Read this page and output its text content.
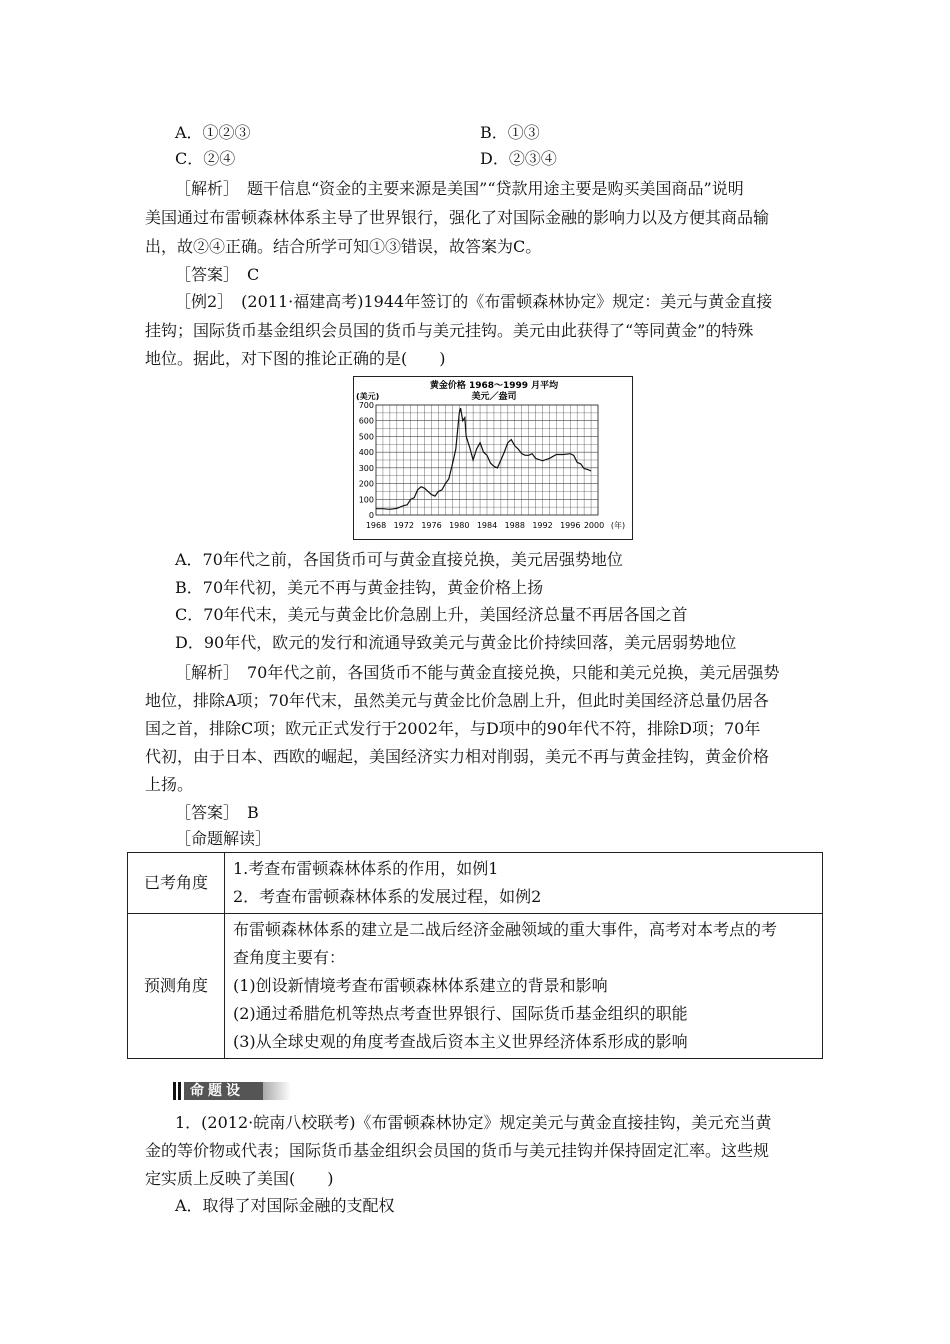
A．①②③	B．①③
C．②④	D．②③④
［解析］　题干信息“资金的主要来源是美国”“贷款用途主要是购买美国商品”说明
美国通过布雷顿森林体系主导了世界银行，强化了对国际金融的影响力以及方便其商品输
出，故②④正确。结合所学可知①③错误，故答案为C。
［答案］　C
［例2］　(2011·福建高考)1944年签订的《布雷顿森林协定》规定：美元与黄金直接
挂钩；国际货币基金组织会员国的货币与美元挂钩。美元由此获得了“等同黄金”的特殊
地位。据此，对下图的推论正确的是(　　)
黄金价格 1968～1999 月平均
美元／盎司
(美元)
0
100
200
300
400
500
600
700
1968 1972 1976 1980 1984 1988 1992 1996 2000 (年)
A．70年代之前，各国货币可与黄金直接兑换，美元居强势地位
B．70年代初，美元不再与黄金挂钩，黄金价格上扬
C．70年代末，美元与黄金比价急剧上升，美国经济总量不再居各国之首
D．90年代，欧元的发行和流通导致美元与黄金比价持续回落，美元居弱势地位
［解析］　70年代之前，各国货币不能与黄金直接兑换，只能和美元兑换，美元居强势
地位，排除A项；70年代末，虽然美元与黄金比价急剧上升，但此时美国经济总量仍居各
国之首，排除C项；欧元正式发行于2002年，与D项中的90年代不符，排除D项；70年
代初，由于日本、西欧的崛起，美国经济实力相对削弱，美元不再与黄金挂钩，黄金价格
上扬。
［答案］　B
［命题解读］
已考角度	1.考查布雷顿森林体系的作用，如例1
2．考查布雷顿森林体系的发展过程，如例2

预测角度	布雷顿森林体系的建立是二战后经济金融领域的重大事件，高考对本考点的考
查角度主要有：
(1)创设新情境考查布雷顿森林体系建立的背景和影响
(2)通过希腊危机等热点考查世界银行、国际货币基金组织的职能
(3)从全球史观的角度考查战后资本主义世界经济体系形成的影响
命题设计
1．(2012·皖南八校联考)《布雷顿森林协定》规定美元与黄金直接挂钩，美元充当黄
金的等价物或代表；国际货币基金组织会员国的货币与美元挂钩并保持固定汇率。这些规
定实质上反映了美国(　　)
A．取得了对国际金融的支配权
